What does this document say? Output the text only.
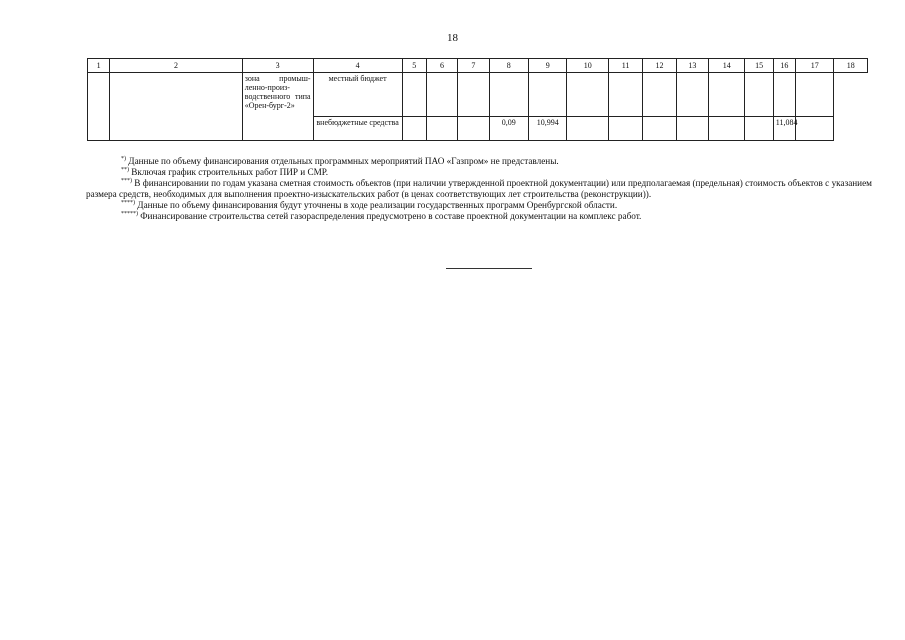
18
1	2	3	4	5	6	7	8	9	10	11	12	13	14	15	16	17	18
		зона промыш-ленно-произ-водственного типа «Орен-бург-2»	местный бюджет														
			внебюджетные средства				0,09	10,994							11,084		

*) Данные по объему финансирования отдельных программных мероприятий ПАО «Газпром» не представлены.

**) Включая график строительных работ ПИР и СМР.

***) В финансировании по годам указана сметная стоимость объектов (при наличии утвержденной проектной документации) или предполагаемая (предельная) стоимость объектов с указанием размера средств, необходимых для выполнения проектно-изыскательских работ (в ценах соответствующих лет строительства (реконструкции)).

****) Данные по объему финансирования будут уточнены в ходе реализации государственных программ Оренбургской области.

*****) Финансирование строительства сетей газораспределения предусмотрено в составе проектной документации на комплекс работ.
